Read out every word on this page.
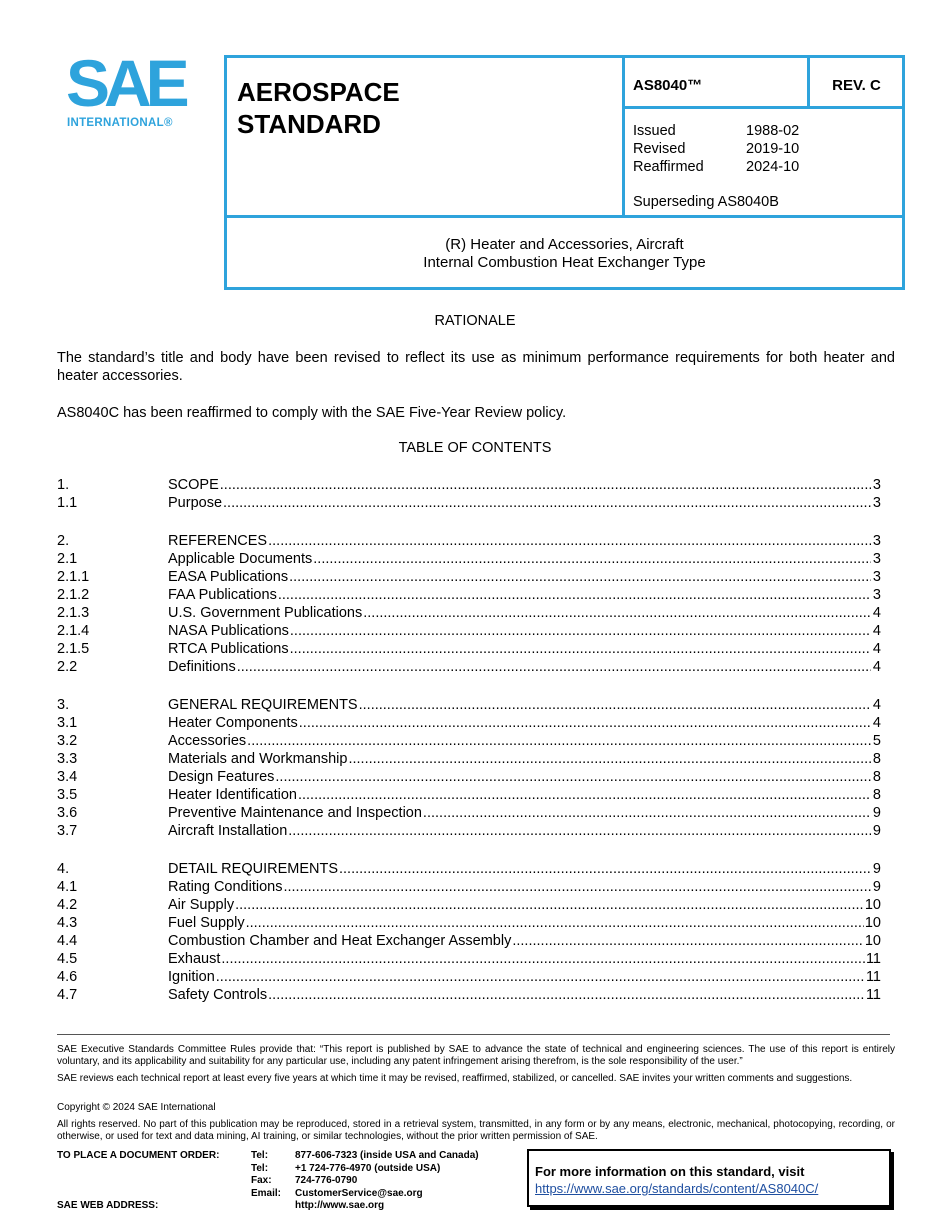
SAE
INTERNATIONAL®
AEROSPACE
STANDARD
AS8040™	REV. C
Issued	1988-02
Revised	2019-10
Reaffirmed	2024-10
Superseding AS8040B
(R) Heater and Accessories, Aircraft
Internal Combustion Heat Exchanger Type
RATIONALE
The standard’s title and body have been revised to reflect its use as minimum performance requirements for both heater and heater accessories.
AS8040C has been reaffirmed to comply with the SAE Five-Year Review policy.
TABLE OF CONTENTS
1.	SCOPE .....	3
1.1	Purpose .....	3
2.	REFERENCES .....	3
2.1	Applicable Documents .....	3
2.1.1	EASA Publications .....	3
2.1.2	FAA Publications .....	3
2.1.3	U.S. Government Publications .....	4
2.1.4	NASA Publications .....	4
2.1.5	RTCA Publications .....	4
2.2	Definitions .....	4
3.	GENERAL REQUIREMENTS .....	4
3.1	Heater Components .....	4
3.2	Accessories .....	5
3.3	Materials and Workmanship .....	8
3.4	Design Features .....	8
3.5	Heater Identification .....	8
3.6	Preventive Maintenance and Inspection .....	9
3.7	Aircraft Installation .....	9
4.	DETAIL REQUIREMENTS .....	9
4.1	Rating Conditions .....	9
4.2	Air Supply .....	10
4.3	Fuel Supply .....	10
4.4	Combustion Chamber and Heat Exchanger Assembly .....	10
4.5	Exhaust .....	11
4.6	Ignition .....	11
4.7	Safety Controls .....	11
SAE Executive Standards Committee Rules provide that: “This report is published by SAE to advance the state of technical and engineering sciences. The use of this report is entirely voluntary, and its applicability and suitability for any particular use, including any patent infringement arising therefrom, is the sole responsibility of the user.”
SAE reviews each technical report at least every five years at which time it may be revised, reaffirmed, stabilized, or cancelled. SAE invites your written comments and suggestions.
Copyright © 2024 SAE International
All rights reserved. No part of this publication may be reproduced, stored in a retrieval system, transmitted, in any form or by any means, electronic, mechanical, photocopying, recording, or otherwise, or used for text and data mining, AI training, or similar technologies, without the prior written permission of SAE.
TO PLACE A DOCUMENT ORDER:
SAE WEB ADDRESS:
Tel:	877-606-7323 (inside USA and Canada)
Tel:	+1 724-776-4970 (outside USA)
Fax:	724-776-0790
Email:	CustomerService@sae.org
http://www.sae.org
For more information on this standard, visit
https://www.sae.org/standards/content/AS8040C/
